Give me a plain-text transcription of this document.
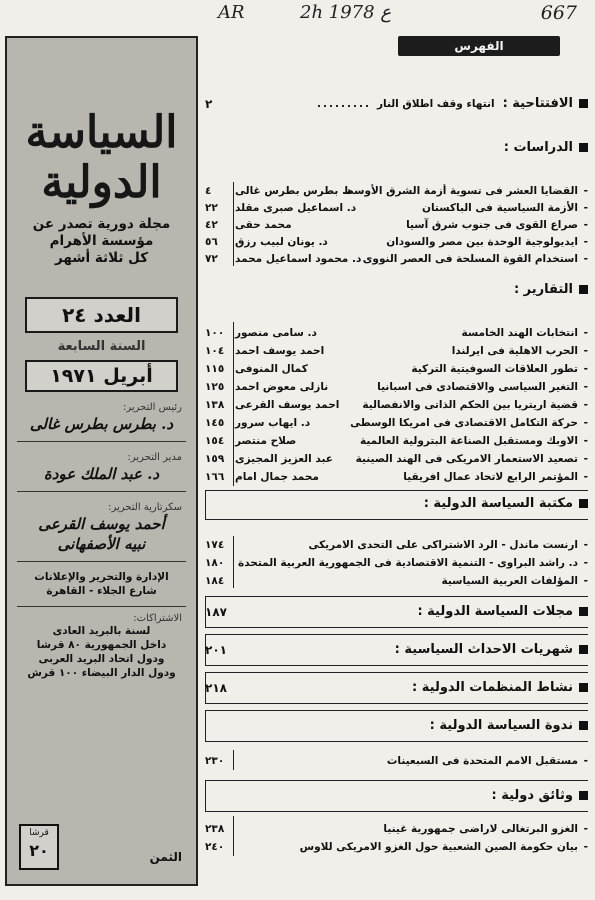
667
2h ع 1978
AR
الفهرس
السياسة
الدولية
مجلة دورية تصدر عن
مؤسسة الأهرام
كل ثلاثة أشهر
العدد ٢٤
السنة السابعة
أبريل ١٩٧١
رئيس التحرير:
د. بطرس بطرس غالى
مدير التحرير:
د. عبد الملك عودة
سكرتارية التحرير:
أحمد يوسف القرعى
نبيه الأصفهانى
الإدارة والتحرير والإعلانات
شارع الجلاء - القاهرة
الاشتراكات:
لسنة بالبريد العادى
داخل الجمهورية ٨٠ قرشا
ودول اتحاد البريد العربى
ودول الدار البيضاء ١٠٠ قرش
قرشا
٢٠	الثمن
الافتتاحية :
انتهاء وقف اطلاق النار
.........
٢
الدراسات :
-
القضايا العشر فى تسوية أزمة الشرق الأوسط
د. بطرس بطرس غالى
٤
-
الأزمة السياسية فى الباكستان
د. اسماعيل صبرى مقلد
٢٢
-
صراع القوى فى جنوب شرق آسيا
محمد حقى
٤٢
-
ايديولوجية الوحدة بين مصر والسودان
د. يونان لبيب رزق
٥٦
-
استخدام القوة المسلحة فى العصر النووى
د. محمود اسماعيل محمد
٧٢
التقارير :
-
انتخابات الهند الخامسة
د. سامى منصور
١٠٠
-
الحرب الاهلية فى ايرلندا
احمد يوسف احمد
١٠٤
-
تطور العلاقات السوفيتية التركية
كمال المنوفى
١١٥
-
التغير السياسى والاقتصادى فى اسبانيا
نازلى معوض احمد
١٢٥
-
قضية اريتريا بين الحكم الذاتى والانفصالية
احمد يوسف القرعى
١٣٨
-
حركة التكامل الاقتصادى فى امريكا الوسطى
د. ايهاب سرور
١٤٥
-
الاوبك ومستقبل الصناعة البترولية العالمية
صلاح منتصر
١٥٤
-
تصعيد الاستعمار الامريكى فى الهند الصينية
عبد العزيز المجيزى
١٥٩
-
المؤتمر الرابع لاتحاد عمال افريقيا
محمد جمال امام
١٦٦
مكتبة السياسة الدولية :
-
ارنست ماندل - الرد الاشتراكى على التحدى الامريكى
١٧٤
-
د. راشد البراوى - التنمية الاقتصادية فى الجمهورية العربية المتحدة
١٨٠
-
المؤلفات العربية السياسية
١٨٤
مجلات السياسة الدولية :
١٨٧
شهريات الاحداث السياسية :
٢٠١
نشاط المنظمات الدولية :
٢١٨
ندوة السياسة الدولية :
-
مستقبل الامم المتحدة فى السبعينات
٢٣٠
وثائق دولية :
-
الغزو البرتغالى لاراضى جمهورية غينيا
٢٣٨
-
بيان حكومة الصين الشعبية حول الغزو الامريكى للاوس
٢٤٠
